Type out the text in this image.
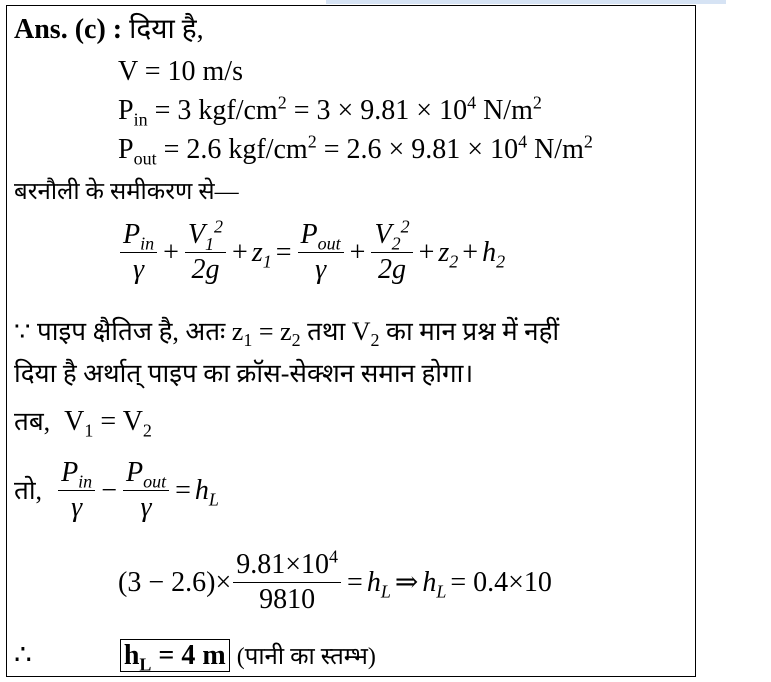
Ans. (c) : दिया है,
V = 10 m/s
$P_{in} = 3$ kgf/$cm^2 = 3 \times 9.81 \times 10^4$ $N/m^2$
$P_{out} = 2.6$ kgf/$cm^2 = 2.6 \times 9.81 \times 10^4$ $N/m^2$
बरनौली के समीकरण से—
$\frac{P_{in}}{\gamma} + \frac{V_1^2}{2g} + z_1 = \frac{P_{out}}{\gamma} + \frac{V_2^2}{2g} + z_2 + h_2$
∵ पाइप क्षैतिज है, अतः $z_1 = z_2$ तथा $V_2$ का मान प्रश्न में नहीं
दिया है अर्थात् पाइप का क्रॉस-सेक्शन समान होगा।
तब, $V_1 = V_2$
तो, $\frac{P_{in}}{\gamma} - \frac{P_{out}}{\gamma} = h_L$
$(3 - 2.6)\times \frac{9.81\times 10^4}{9810} = h_L$ ⇒ $h_L = 0.4\times 10$
∴	$h_L = 4$ m (पानी का स्तम्भ)
